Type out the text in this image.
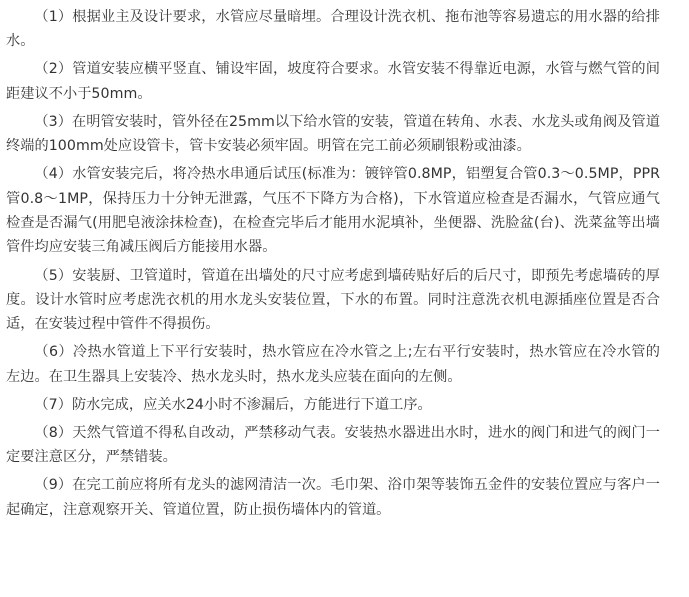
（1）根据业主及设计要求，水管应尽量暗埋。合理设计洗衣机、拖布池等容易遗忘的用水器的给排水。

（2）管道安装应横平竖直、铺设牢固，坡度符合要求。水管安装不得靠近电源，水管与燃气管的间距建议不小于50mm。

（3）在明管安装时，管外径在25mm以下给水管的安装，管道在转角、水表、水龙头或角阀及管道终端的100mm处应设管卡，管卡安装必须牢固。明管在完工前必须刷银粉或油漆。

（4）水管安装完后，将冷热水串通后试压(标准为：镀锌管0.8MP，铝塑复合管0.3～0.5MP，PPR管0.8～1MP，保持压力十分钟无泄露，气压不下降方为合格)，下水管道应检查是否漏水，气管应通气检查是否漏气(用肥皂液涂抹检查)，在检查完毕后才能用水泥填补，坐便器、洗脸盆(台)、洗菜盆等出墙管件均应安装三角减压阀后方能接用水器。

（5）安装厨、卫管道时，管道在出墙处的尺寸应考虑到墙砖贴好后的后尺寸，即预先考虑墙砖的厚度。设计水管时应考虑洗衣机的用水龙头安装位置，下水的布置。同时注意洗衣机电源插座位置是否合适，在安装过程中管件不得损伤。

（6）冷热水管道上下平行安装时，热水管应在冷水管之上;左右平行安装时，热水管应在冷水管的左边。在卫生器具上安装冷、热水龙头时，热水龙头应装在面向的左侧。

（7）防水完成，应关水24小时不渗漏后，方能进行下道工序。

（8）天然气管道不得私自改动，严禁移动气表。安装热水器进出水时，进水的阀门和进气的阀门一定要注意区分，严禁错装。

（9）在完工前应将所有龙头的滤网清洁一次。毛巾架、浴巾架等装饰五金件的安装位置应与客户一起确定，注意观察开关、管道位置，防止损伤墙体内的管道。
